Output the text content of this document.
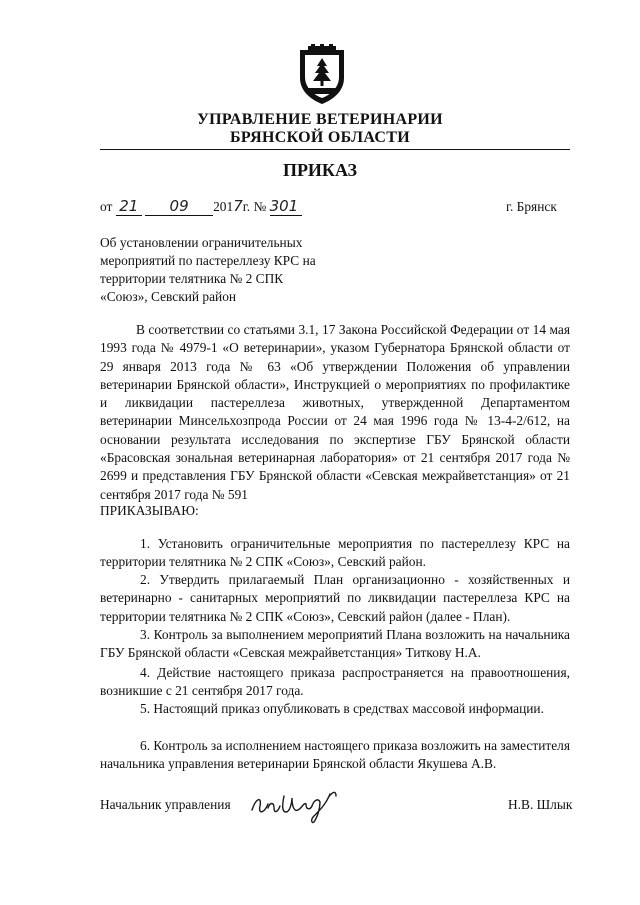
УПРАВЛЕНИЕ ВЕТЕРИНАРИИ
БРЯНСКОЙ ОБЛАСТИ
ПРИКАЗ
от 21 09 2017г. № 301	г. Брянск
Об установлении ограничительных мероприятий по пастереллезу КРС на территории телятника № 2 СПК «Союз», Севский район
В соответствии со статьями 3.1, 17 Закона Российской Федерации от 14 мая 1993 года № 4979-1 «О ветеринарии», указом Губернатора Брянской области от 29 января 2013 года № 63 «Об утверждении Положения об управлении ветеринарии Брянской области», Инструкцией о мероприятиях по профилактике и ликвидации пастереллеза животных, утвержденной Департаментом ветеринарии Минсельхозпрода России от 24 мая 1996 года № 13-4-2/612, на основании результата исследования по экспертизе ГБУ Брянской области «Брасовская зональная ветеринарная лаборатория» от 21 сентября 2017 года № 2699 и представления ГБУ Брянской области «Севская межрайветстанция» от 21 сентября 2017 года № 591
ПРИКАЗЫВАЮ:
1. Установить ограничительные мероприятия по пастереллезу КРС на территории телятника № 2 СПК «Союз», Севский район.
2. Утвердить прилагаемый План организационно - хозяйственных и ветеринарно - санитарных мероприятий по ликвидации пастереллеза КРС на территории телятника № 2 СПК «Союз», Севский район (далее - План).
3. Контроль за выполнением мероприятий Плана возложить на начальника ГБУ Брянской области «Севская межрайветстанция» Титкову Н.А.
4. Действие настоящего приказа распространяется на правоотношения, возникшие с 21 сентября 2017 года.
5. Настоящий приказ опубликовать в средствах массовой информации.
6. Контроль за исполнением настоящего приказа возложить на заместителя начальника управления ветеринарии Брянской области Якушева А.В.
Начальник управления	Н.В. Шлык
